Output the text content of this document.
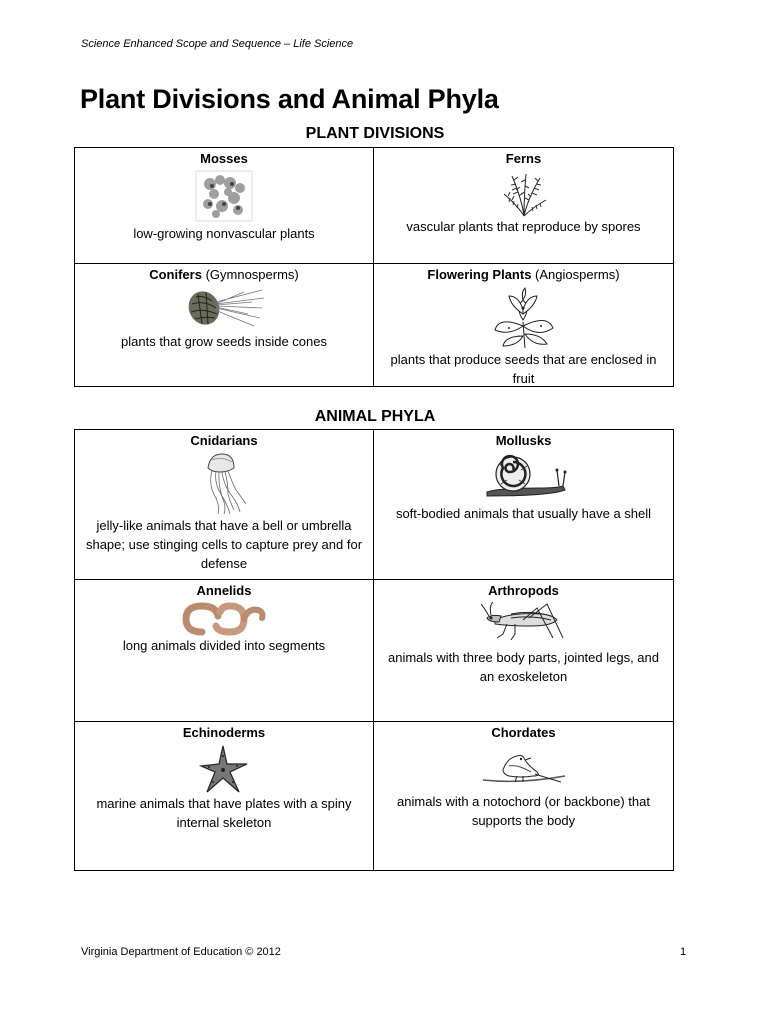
Science Enhanced Scope and Sequence – Life Science
Plant Divisions and Animal Phyla
PLANT DIVISIONS
Mosses
low-growing nonvascular plants
Ferns
vascular plants that reproduce by spores
Conifers (Gymnosperms)
plants that grow seeds inside cones
Flowering Plants (Angiosperms)
plants that produce seeds that are enclosed in fruit
ANIMAL PHYLA
Cnidarians
jelly-like animals that have a bell or umbrella shape; use stinging cells to capture prey and for defense
Mollusks
soft-bodied animals that usually have a shell
Annelids
long animals divided into segments
Arthropods
animals with three body parts, jointed legs, and an exoskeleton
Echinoderms
marine animals that have plates with a spiny internal skeleton
Chordates
animals with a notochord (or backbone) that supports the body
Virginia Department of Education © 2012	1
